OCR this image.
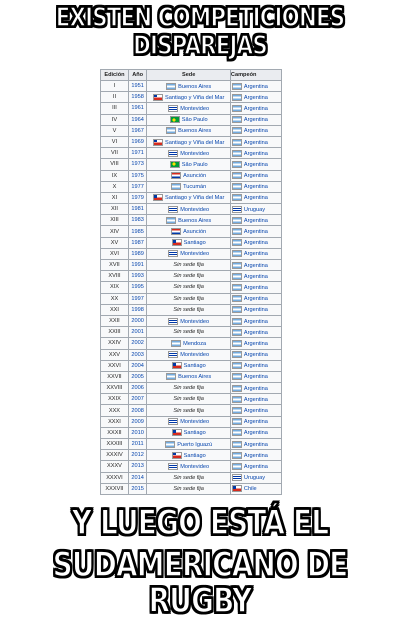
EXISTEN COMPETICIONES DISPAREJAS
Edición	Año	Sede	Campeón
I	1951	Buenos Aires	Argentina
II	1958	Santiago y Viña del Mar	Argentina
III	1961	Montevideo	Argentina
IV	1964	São Paulo	Argentina
V	1967	Buenos Aires	Argentina
VI	1969	Santiago y Viña del Mar	Argentina
VII	1971	Montevideo	Argentina
VIII	1973	São Paulo	Argentina
IX	1975	Asunción	Argentina
X	1977	Tucumán	Argentina
XI	1979	Santiago y Viña del Mar	Argentina
XII	1981	Montevideo	Uruguay
XIII	1983	Buenos Aires	Argentina
XIV	1985	Asunción	Argentina
XV	1987	Santiago	Argentina
XVI	1989	Montevideo	Argentina
XVII	1991	Sin sede fija	Argentina
XVIII	1993	Sin sede fija	Argentina
XIX	1995	Sin sede fija	Argentina
XX	1997	Sin sede fija	Argentina
XXI	1998	Sin sede fija	Argentina
XXII	2000	Montevideo	Argentina
XXIII	2001	Sin sede fija	Argentina
XXIV	2002	Mendoza	Argentina
XXV	2003	Montevideo	Argentina
XXVI	2004	Santiago	Argentina
XXVII	2005	Buenos Aires	Argentina
XXVIII	2006	Sin sede fija	Argentina
XXIX	2007	Sin sede fija	Argentina
XXX	2008	Sin sede fija	Argentina
XXXI	2009	Montevideo	Argentina
XXXII	2010	Santiago	Argentina
XXXIII	2011	Puerto Iguazú	Argentina
XXXIV	2012	Santiago	Argentina
XXXV	2013	Montevideo	Argentina
XXXVI	2014	Sin sede fija	Uruguay
XXXVII	2015	Sin sede fija	Chile
Y LUEGO ESTÁ EL
SUDAMERICANO DE RUGBY
